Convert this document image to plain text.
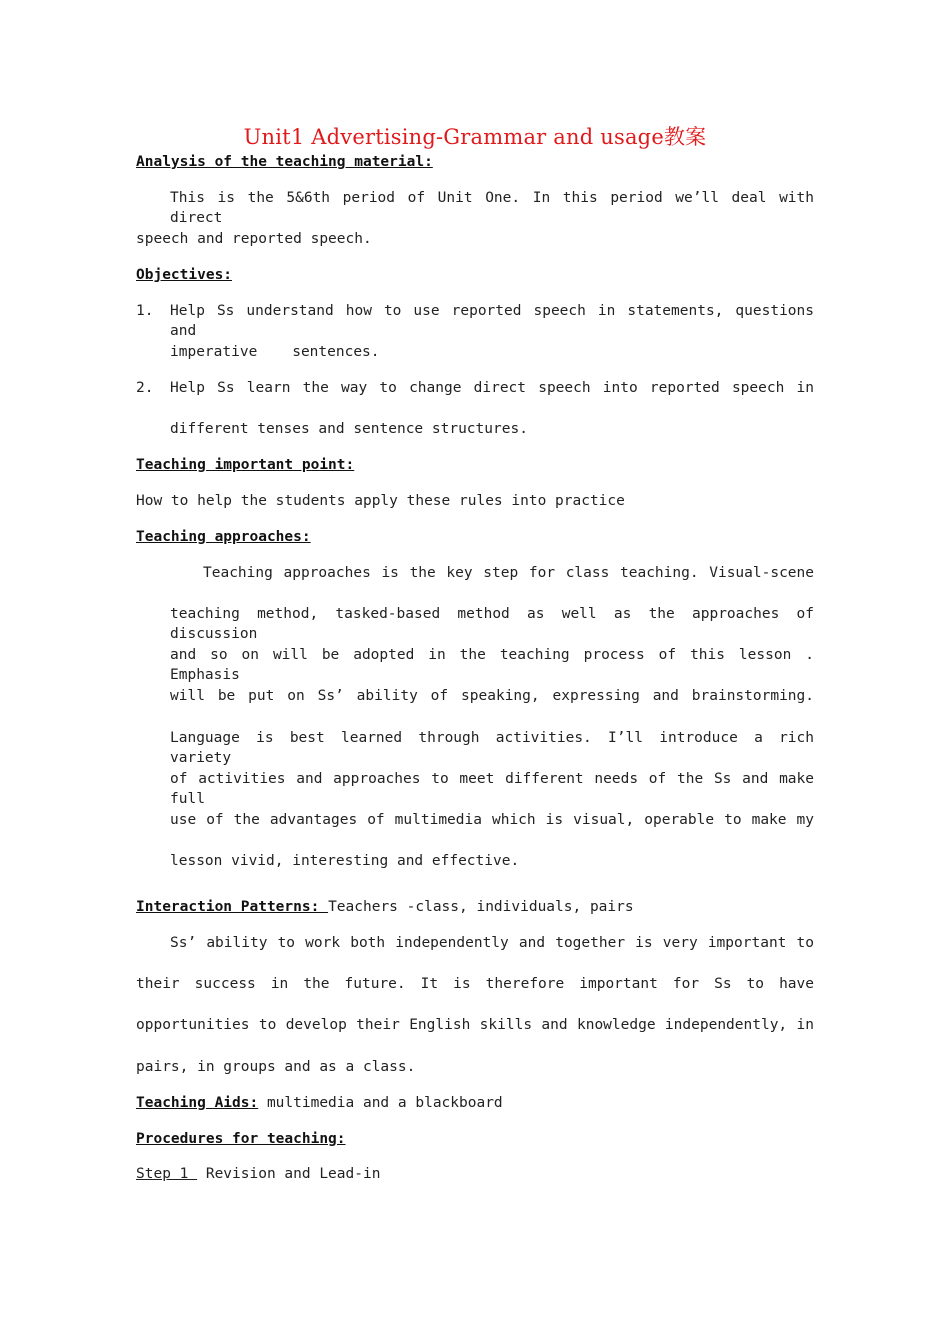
Unit1 Advertising-Grammar and usage教案
Analysis of the teaching material:
This is the 5&6th period of Unit One. In this period we’ll deal with direct
speech and reported speech.
Objectives:
1. Help Ss understand how to use reported speech in statements, questions and
imperative    sentences.
2. Help Ss learn the way to change direct speech into reported speech in
different tenses and sentence structures.
Teaching important point:
How to help the students apply these rules into practice
Teaching approaches:
Teaching approaches is the key step for class teaching. Visual-scene
teaching method, tasked-based method as well as the approaches of discussion
and so on will be adopted in the teaching process of this lesson . Emphasis
will be put on Ss’ ability of speaking, expressing and brainstorming.
Language is best learned through activities. I’ll introduce a rich variety
of activities and approaches to meet different needs of the Ss and make full
use of the advantages of multimedia which is visual, operable to make my
lesson vivid, interesting and effective.
Interaction Patterns: Teachers -class, individuals, pairs
Ss’ ability to work both independently and together is very important to
their success in the future. It is therefore important for Ss to have
opportunities to develop their English skills and knowledge independently, in
pairs, in groups and as a class.
Teaching Aids: multimedia and a blackboard
Procedures for teaching:
Step 1  Revision and Lead-in
